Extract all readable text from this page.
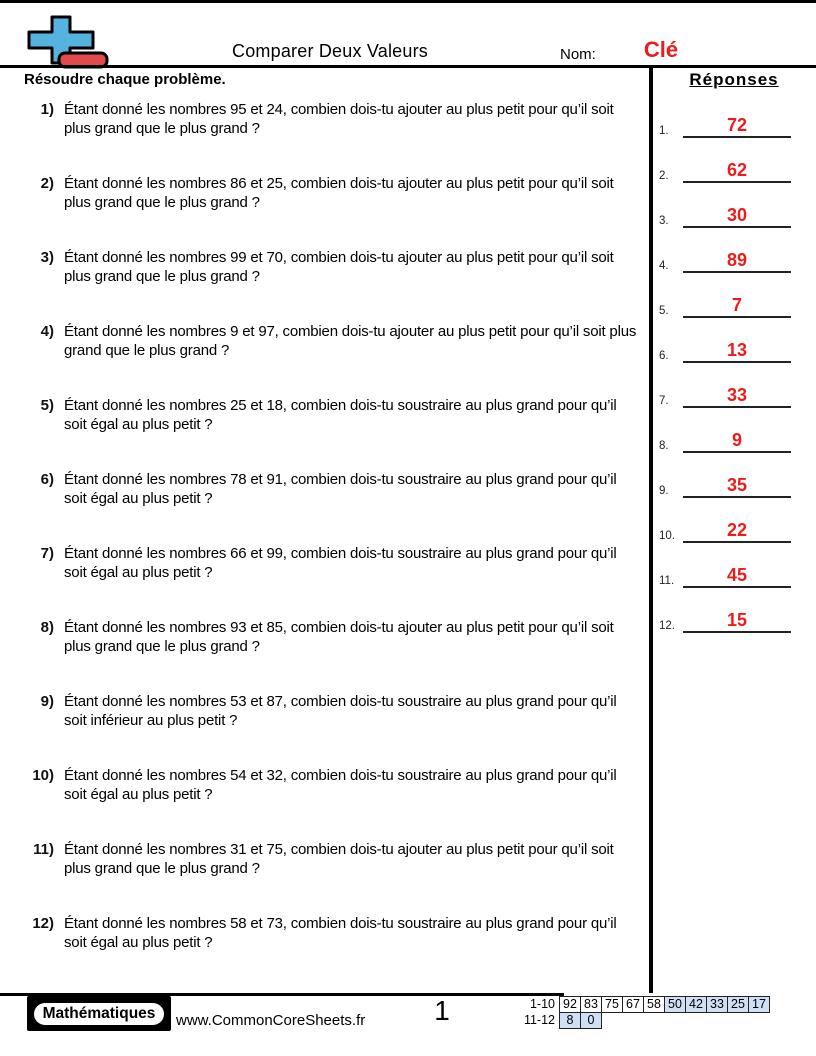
Comparer Deux Valeurs	Nom:	Clé
Résoudre chaque problème.
1) Étant donné les nombres 95 et 24, combien dois-tu ajouter au plus petit pour qu’il soit plus grand que le plus grand ?
2) Étant donné les nombres 86 et 25, combien dois-tu ajouter au plus petit pour qu’il soit plus grand que le plus grand ?
3) Étant donné les nombres 99 et 70, combien dois-tu ajouter au plus petit pour qu’il soit plus grand que le plus grand ?
4) Étant donné les nombres 9 et 97, combien dois-tu ajouter au plus petit pour qu’il soit plus grand que le plus grand ?
5) Étant donné les nombres 25 et 18, combien dois-tu soustraire au plus grand pour qu’il soit égal au plus petit ?
6) Étant donné les nombres 78 et 91, combien dois-tu soustraire au plus grand pour qu’il soit égal au plus petit ?
7) Étant donné les nombres 66 et 99, combien dois-tu soustraire au plus grand pour qu’il soit égal au plus petit ?
8) Étant donné les nombres 93 et 85, combien dois-tu ajouter au plus petit pour qu’il soit plus grand que le plus grand ?
9) Étant donné les nombres 53 et 87, combien dois-tu soustraire au plus grand pour qu’il soit inférieur au plus petit ?
10) Étant donné les nombres 54 et 32, combien dois-tu soustraire au plus grand pour qu’il soit égal au plus petit ?
11) Étant donné les nombres 31 et 75, combien dois-tu ajouter au plus petit pour qu’il soit plus grand que le plus grand ?
12) Étant donné les nombres 58 et 73, combien dois-tu soustraire au plus grand pour qu’il soit égal au plus petit ?
Réponses
1.	72
2.	62
3.	30
4.	89
5.	7
6.	13
7.	33
8.	9
9.	35
10.	22
11.	45
12.	15
Mathématiques	www.CommonCoreSheets.fr	1	1-10 92 83 75 67 58 50 42 33 25 17
11-12 8	0
